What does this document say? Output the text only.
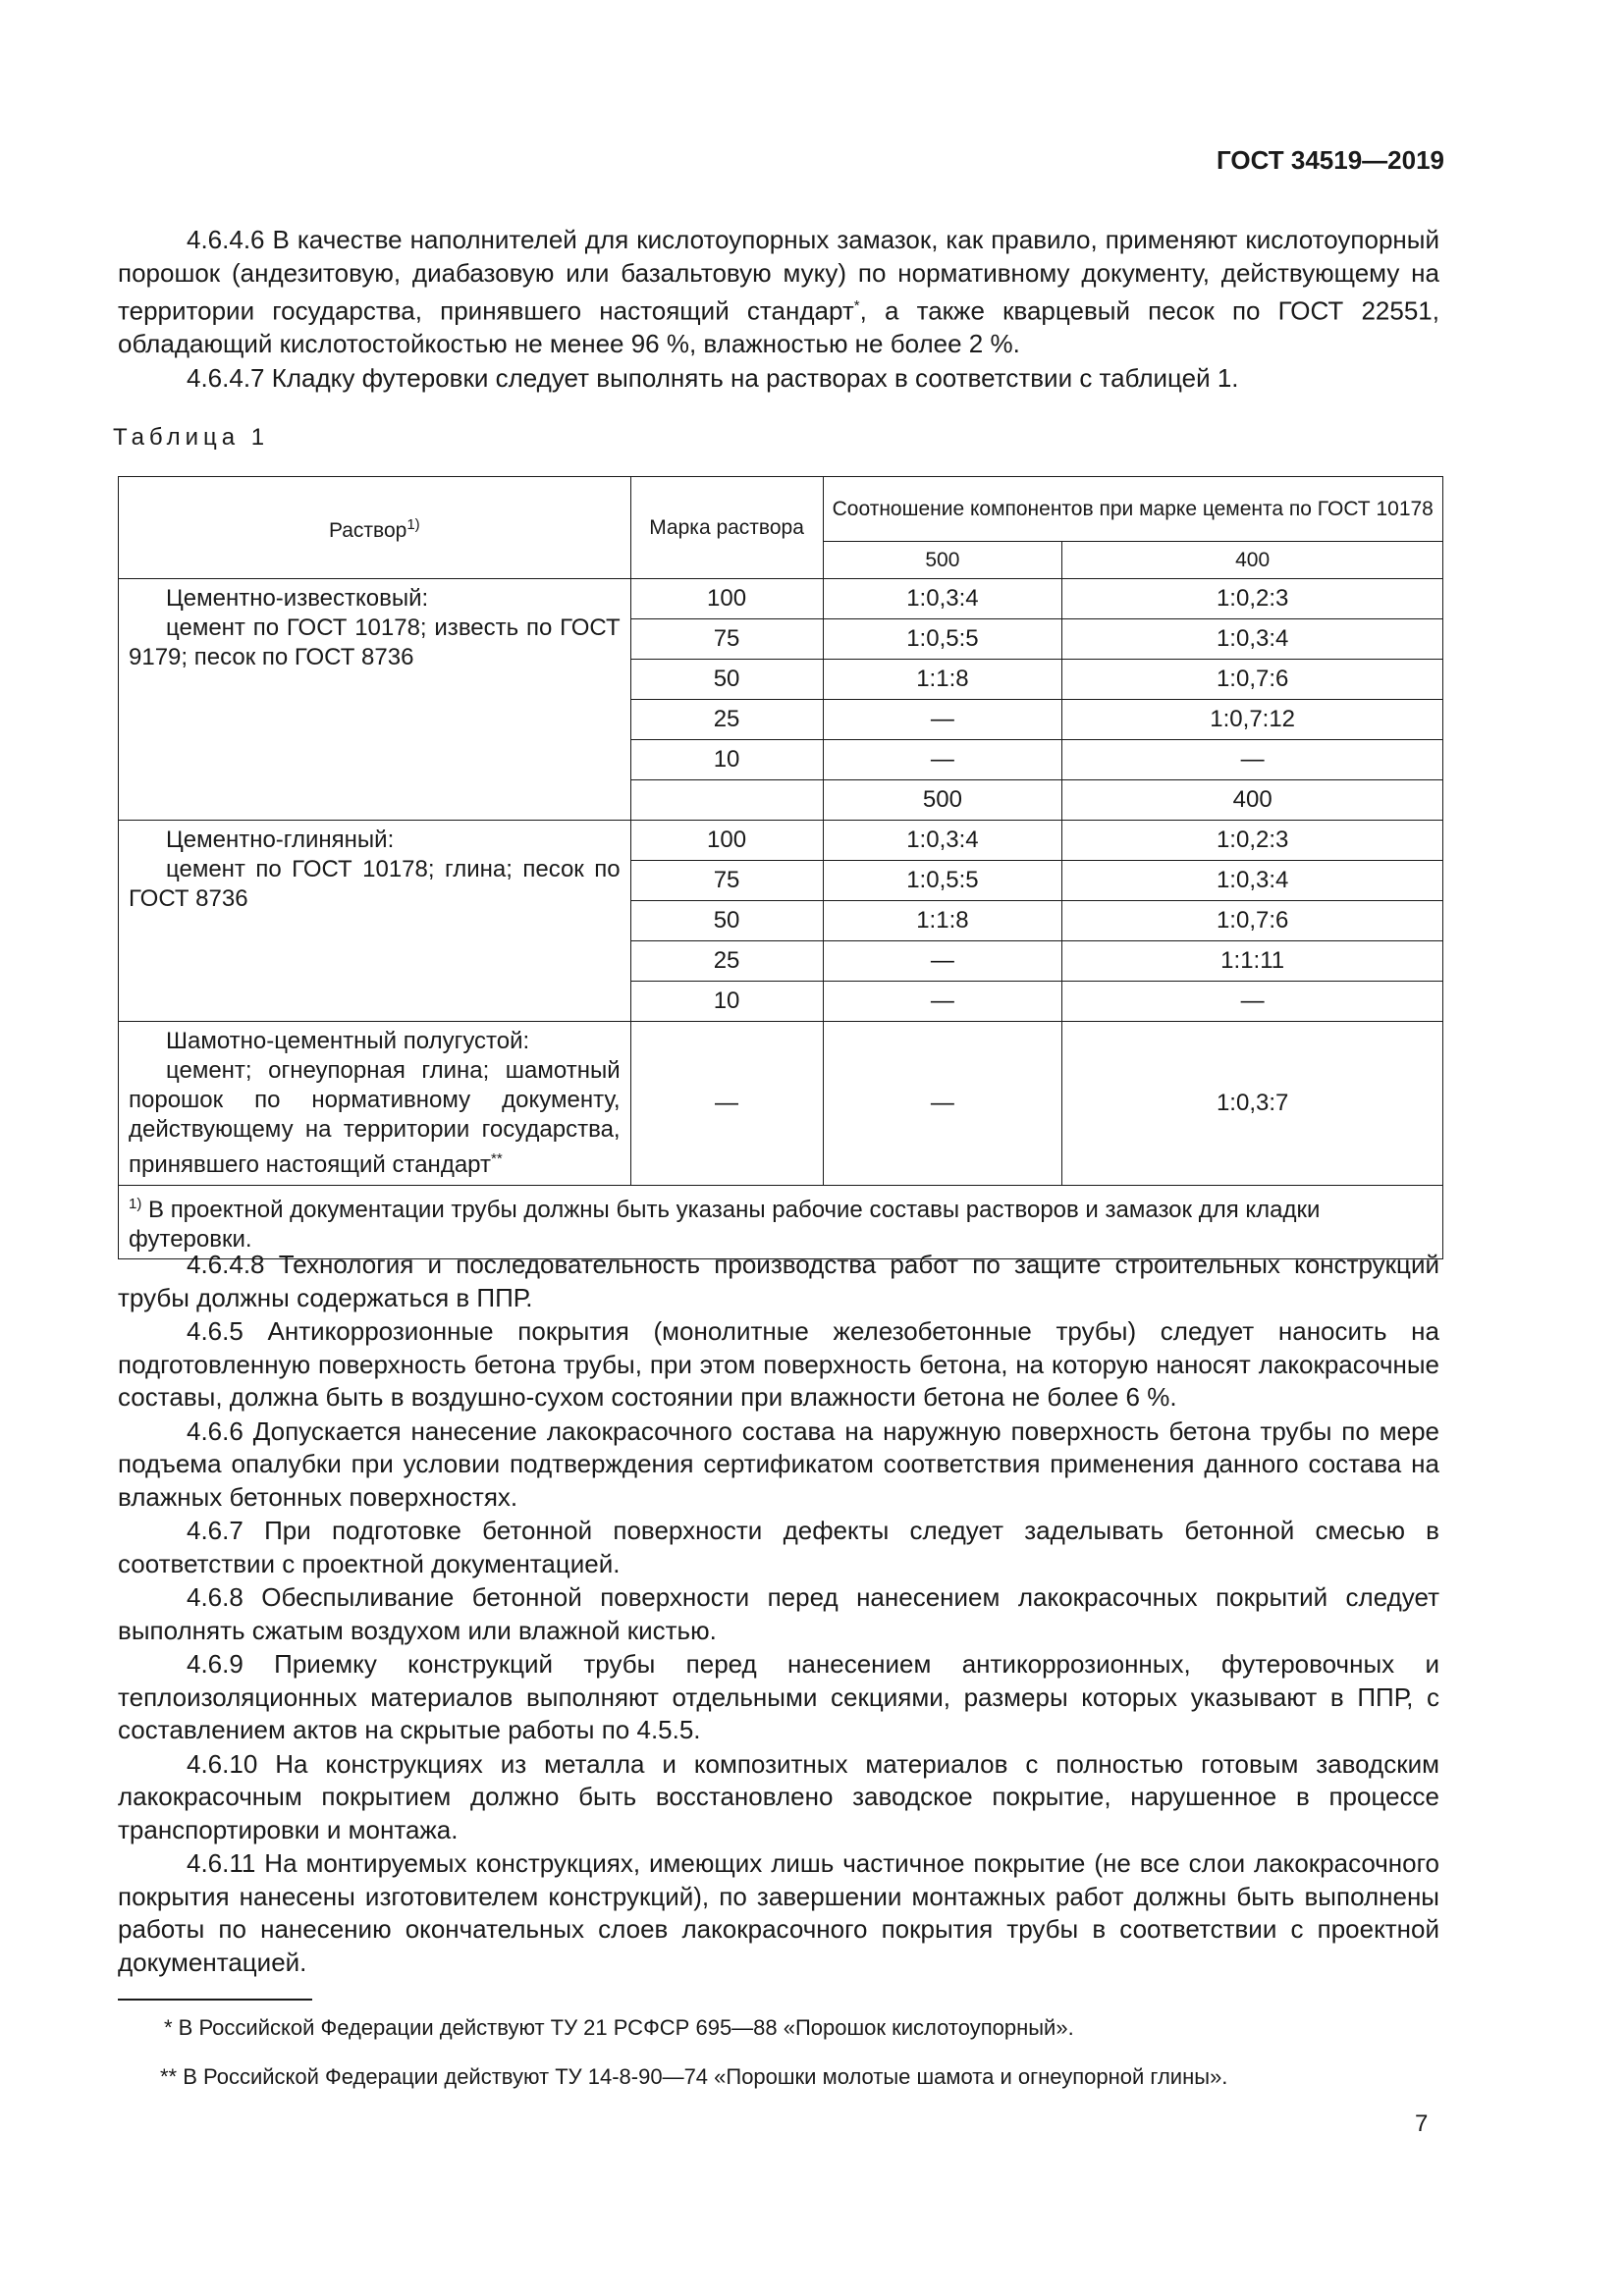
ГОСТ 34519—2019

4.6.4.6 В качестве наполнителей для кислотоупорных замазок, как правило, применяют кислотоупорный порошок (андезитовую, диабазовую или базальтовую муку) по нормативному документу, действующему на территории государства, принявшего настоящий стандарт*, а также кварцевый песок по ГОСТ 22551, обладающий кислотостойкостью не менее 96 %, влажностью не более 2 %.

4.6.4.7 Кладку футеровки следует выполнять на растворах в соответствии с таблицей 1.

Таблица 1
Раствор$^{1)}$	Марка раствора	Соотношение компонентов при марке цемента по ГОСТ 10178	
		500	400

Цементно-известковый:
цемент по ГОСТ 10178; известь по ГОСТ 9179; песок по ГОСТ 8736	100	1:0,3:4	1:0,2:3
	75	1:0,5:5	1:0,3:4
	50	1:1:8	1:0,7:6
	25	—	1:0,7:12
	10	—	—
		500	400

Цементно-глиняный:
цемент по ГОСТ 10178; глина; песок по ГОСТ 8736	100	1:0,3:4	1:0,2:3
	75	1:0,5:5	1:0,3:4
	50	1:1:8	1:0,7:6
	25	—	1:1:11
	10	—	—

Шамотно-цементный полугустой:
цемент; огнеупорная глина; шамотный порошок по нормативному документу, действующему на территории государства, принявшего настоящий стандарт**	—	—	1:0,3:7
$^{1)}$ В проектной документации трубы должны быть указаны рабочие составы растворов и замазок для кладки футеровки.			

4.6.4.8 Технология и последовательность производства работ по защите строительных конструкций трубы должны содержаться в ППР.

4.6.5 Антикоррозионные покрытия (монолитные железобетонные трубы) следует наносить на подготовленную поверхность бетона трубы, при этом поверхность бетона, на которую наносят лакокрасочные составы, должна быть в воздушно-сухом состоянии при влажности бетона не более 6 %.

4.6.6 Допускается нанесение лакокрасочного состава на наружную поверхность бетона трубы по мере подъема опалубки при условии подтверждения сертификатом соответствия применения данного состава на влажных бетонных поверхностях.

4.6.7 При подготовке бетонной поверхности дефекты следует заделывать бетонной смесью в соответствии с проектной документацией.

4.6.8 Обеспыливание бетонной поверхности перед нанесением лакокрасочных покрытий следует выполнять сжатым воздухом или влажной кистью.

4.6.9 Приемку конструкций трубы перед нанесением антикоррозионных, футеровочных и теплоизоляционных материалов выполняют отдельными секциями, размеры которых указывают в ППР, с составлением актов на скрытые работы по 4.5.5.

4.6.10 На конструкциях из металла и композитных материалов с полностью готовым заводским лакокрасочным покрытием должно быть восстановлено заводское покрытие, нарушенное в процессе транспортировки и монтажа.

4.6.11 На монтируемых конструкциях, имеющих лишь частичное покрытие (не все слои лакокрасочного покрытия нанесены изготовителем конструкций), по завершении монтажных работ должны быть выполнены работы по нанесению окончательных слоев лакокрасочного покрытия трубы в соответствии с проектной документацией.

* В Российской Федерации действуют ТУ 21 РСФСР 695—88 «Порошок кислотоупорный».
** В Российской Федерации действуют ТУ 14-8-90—74 «Порошки молотые шамота и огнеупорной глины».
7
